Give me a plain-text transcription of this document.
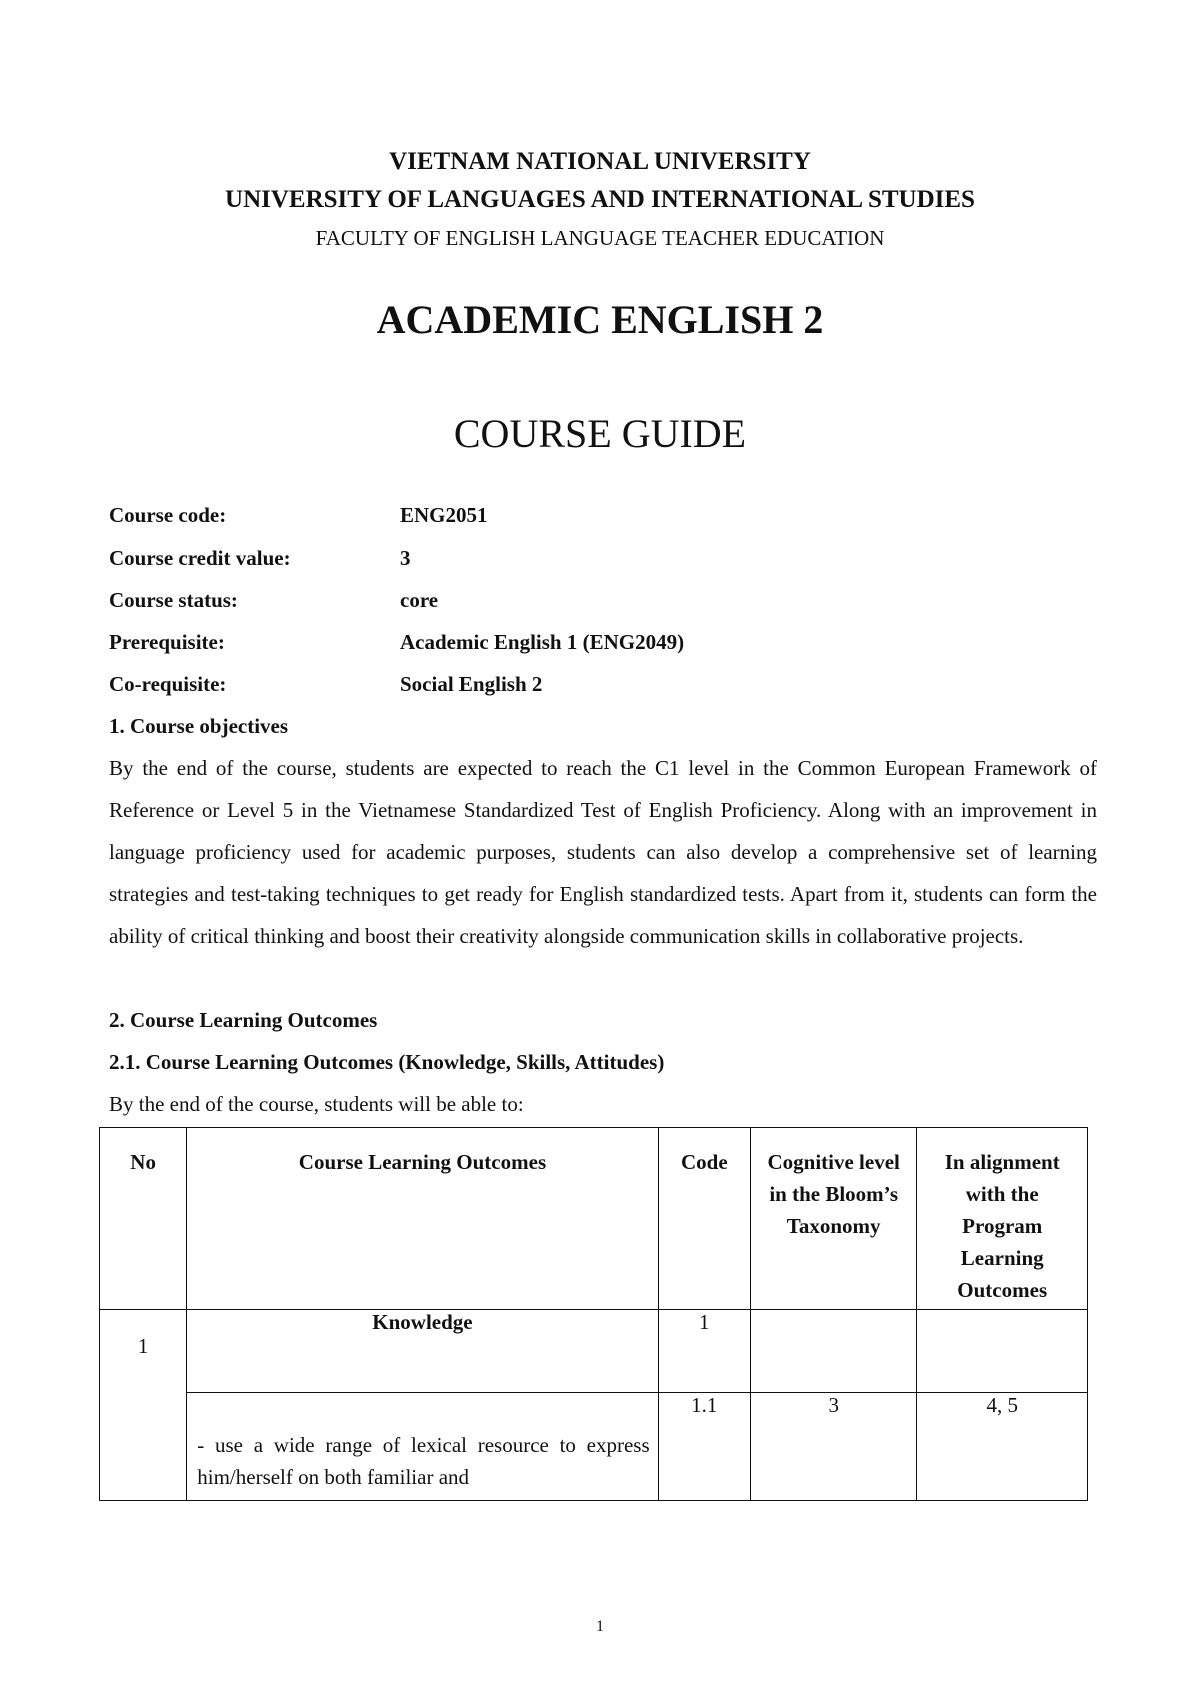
VIETNAM NATIONAL UNIVERSITY
UNIVERSITY OF LANGUAGES AND INTERNATIONAL STUDIES
FACULTY OF ENGLISH LANGUAGE TEACHER EDUCATION
ACADEMIC ENGLISH 2
COURSE GUIDE
Course code:	ENG2051
Course credit value:	3
Course status:	core
Prerequisite:	Academic English 1 (ENG2049)
Co-requisite:	Social English 2
1. Course objectives
By the end of the course, students are expected to reach the C1 level in the Common European Framework of Reference or Level 5 in the Vietnamese Standardized Test of English Proficiency. Along with an improvement in language proficiency used for academic purposes, students can also develop a comprehensive set of learning strategies and test-taking techniques to get ready for English standardized tests. Apart from it, students can form the ability of critical thinking and boost their creativity alongside communication skills in collaborative projects.
2. Course Learning Outcomes
2.1. Course Learning Outcomes (Knowledge, Skills, Attitudes)
By the end of the course, students will be able to:
No	Course Learning Outcomes	Code	Cognitive level in the Bloom’s Taxonomy	In alignment with the Program Learning Outcomes
1	Knowledge	1		
	- use a wide range of lexical resource to express him/herself on both familiar and	1.1	3	4, 5
1
